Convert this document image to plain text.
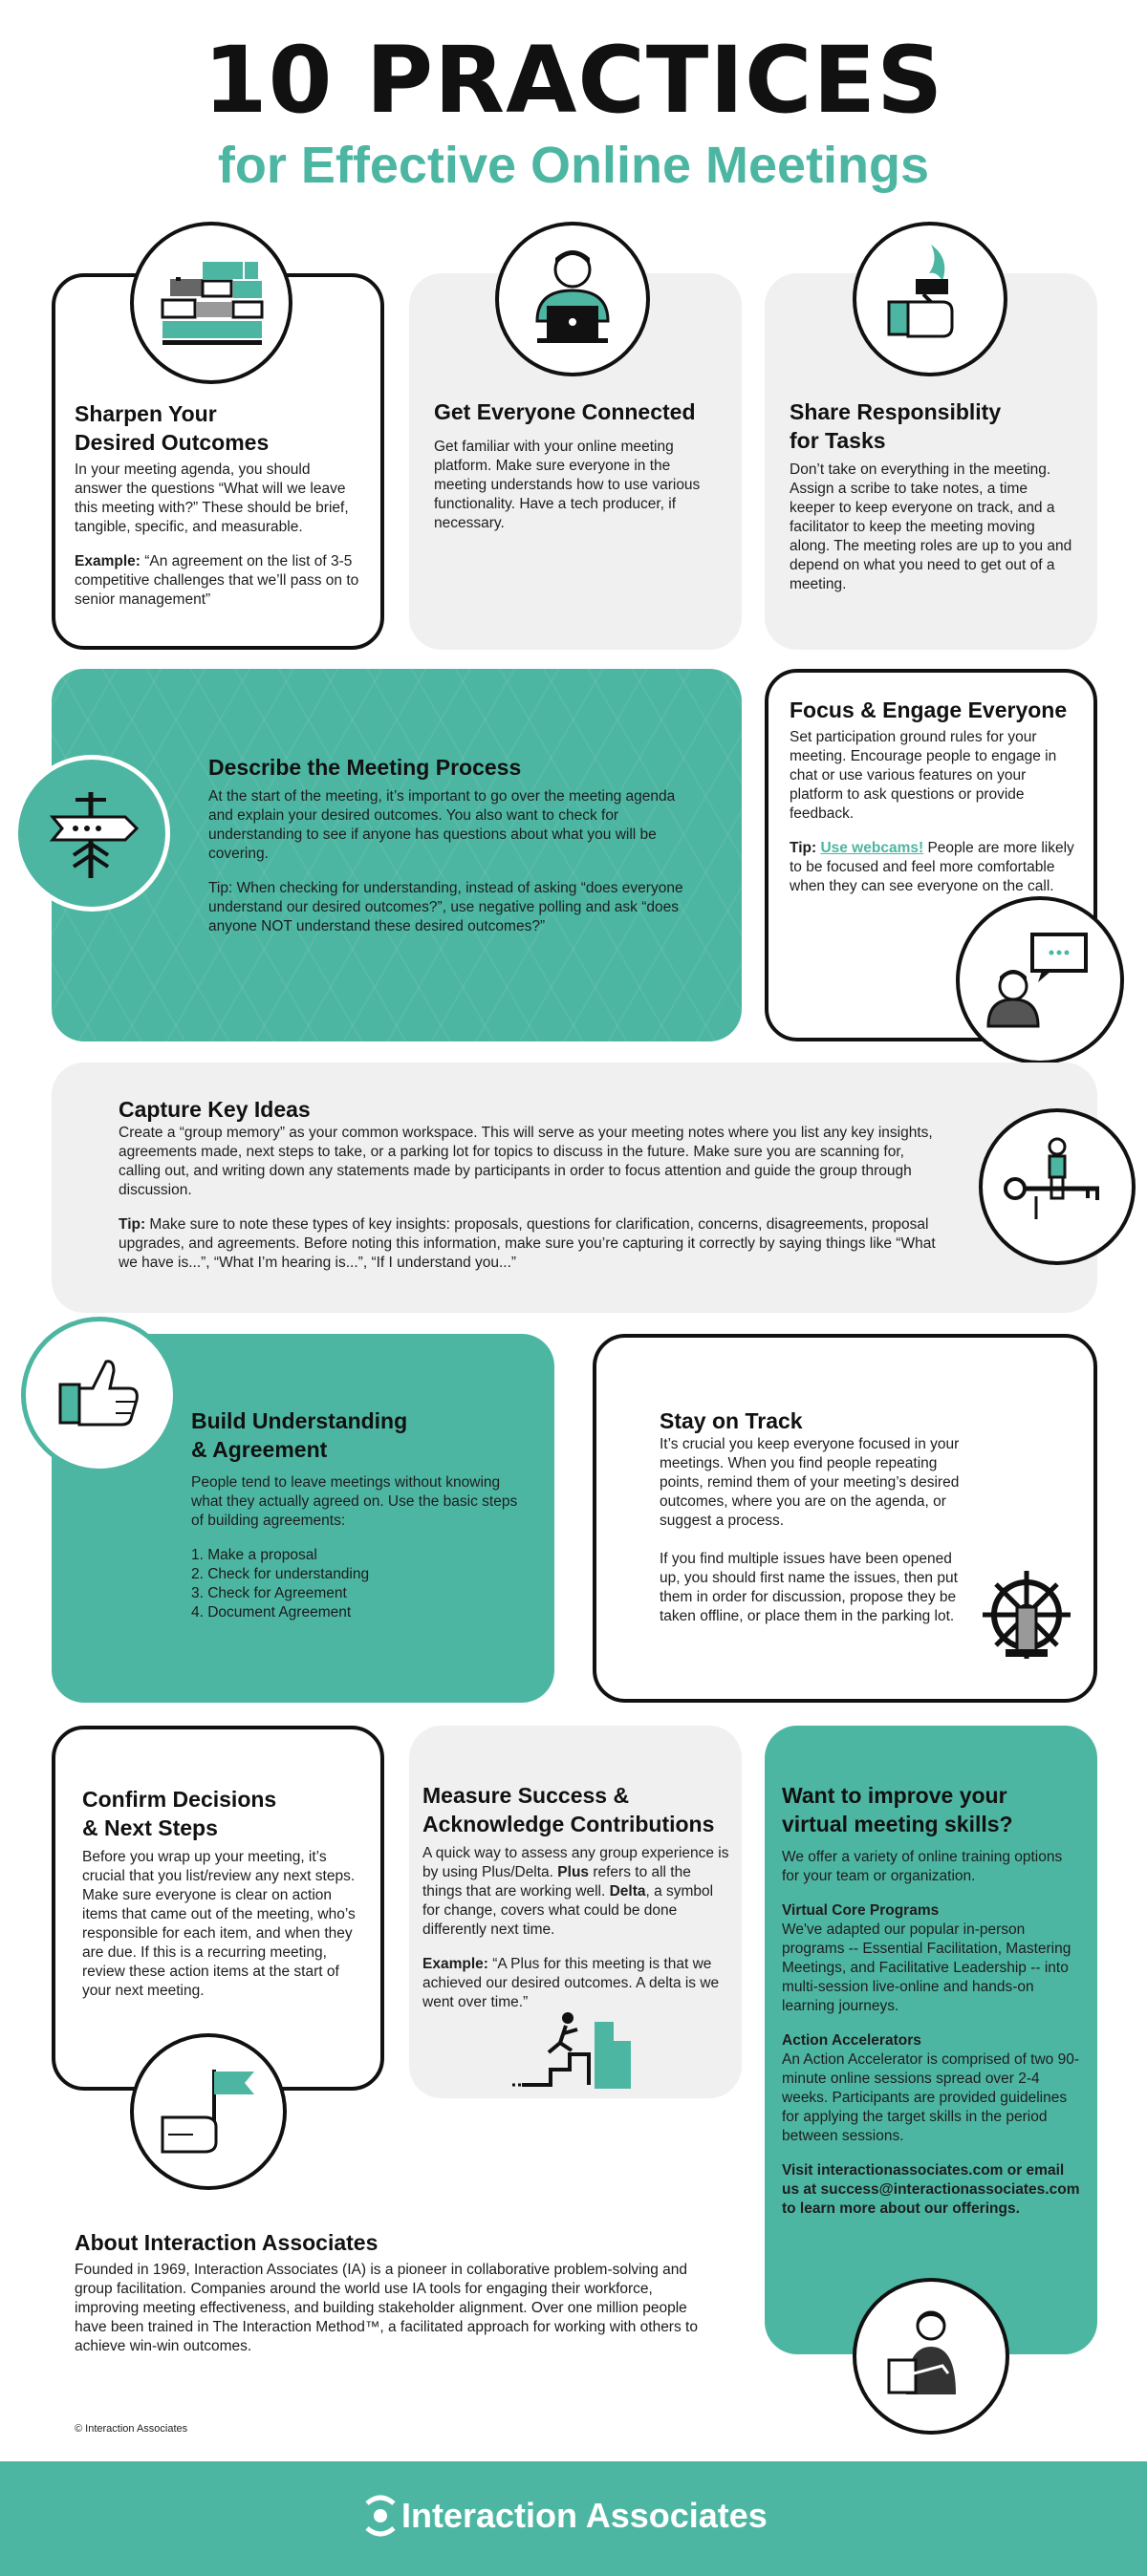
10 PRACTICES
for Effective Online Meetings
Sharpen Your
Desired Outcomes

In your meeting agenda, you should answer the questions “What will we leave this meeting with?” These should be brief, tangible, specific, and measurable.

Example: “An agreement on the list of 3-5 competitive challenges that we’ll pass on to senior management”

Get Everyone Connected

Get familiar with your online meeting platform. Make sure everyone in the meeting understands how to use various functionality. Have a tech producer, if necessary.

Share Responsiblity
for Tasks

Don’t take on everything in the meeting. Assign a scribe to take notes, a time keeper to keep everyone on track, and a facilitator to keep the meeting moving along. The meeting roles are up to you and depend on what you need to get out of a meeting.

Describe the Meeting Process

At the start of the meeting, it’s important to go over the meeting agenda and explain your desired outcomes. You also want to check for understanding to see if anyone has questions about what you will be covering.

Tip: When checking for understanding, instead of asking “does everyone understand our desired outcomes?”, use negative polling and ask “does anyone NOT understand these desired outcomes?”

Focus & Engage Everyone

Set participation ground rules for your meeting. Encourage people to engage in chat or use various features on your platform to ask questions or provide feedback.

Tip: Use webcams! People are more likely to be focused and feel more comfortable when they can see everyone on the call.

Capture Key Ideas

Create a “group memory” as your common workspace. This will serve as your meeting notes where you list any key insights, agreements made, next steps to take, or a parking lot for topics to discuss in the future. Make sure you are scanning for, calling out, and writing down any statements made by participants in order to focus attention and guide the group through discussion.

Tip: Make sure to note these types of key insights: proposals, questions for clarification, concerns, disagreements, proposal upgrades, and agreements. Before noting this information, make sure you’re capturing it correctly by saying things like “What we have is...”, “What I’m hearing is...”, “If I understand you...”

Build Understanding
& Agreement

People tend to leave meetings without knowing what they actually agreed on. Use the basic steps of building agreements:

1. Make a proposal
2. Check for understanding
3. Check for Agreement
4. Document Agreement
Stay on Track

It’s crucial you keep everyone focused in your meetings. When you find people repeating points, remind them of your meeting’s desired outcomes, where you are on the agenda, or suggest a process.

If you find multiple issues have been opened up, you should first name the issues, then put them in order for discussion, propose they be taken offline, or place them in the parking lot.

Confirm Decisions
& Next Steps

Before you wrap up your meeting, it’s crucial that you list/review any next steps. Make sure everyone is clear on action items that came out of the meeting, who’s responsible for each item, and when they are due. If this is a recurring meeting, review these action items at the start of your next meeting.

Measure Success &
Acknowledge Contributions

A quick way to assess any group experience is by using Plus/Delta. Plus refers to all the things that are working well. Delta, a symbol for change, covers what could be done differently next time.

Example: “A Plus for this meeting is that we achieved our desired outcomes. A delta is we went over time.”

Want to improve your
virtual meeting skills?

We offer a variety of online training options for your team or organization.

Virtual Core Programs
We've adapted our popular in-person programs -- Essential Facilitation, Mastering Meetings, and Facilitative Leadership -- into multi-session live-online and hands-on learning journeys.

Action Accelerators
An Action Accelerator is comprised of two 90-minute online sessions spread over 2-4 weeks. Participants are provided guidelines for applying the target skills in the period between sessions.

Visit interactionassociates.com or email us at success@interactionassociates.com to learn more about our offerings.

About Interaction Associates

Founded in 1969, Interaction Associates (IA) is a pioneer in collaborative problem-solving and group facilitation. Companies around the world use IA tools for engaging their workforce, improving meeting effectiveness, and building stakeholder alignment. Over one million people have been trained in The Interaction Method™, a facilitated approach for working with others to achieve win-win outcomes.

© Interaction Associates
Interaction Associates
